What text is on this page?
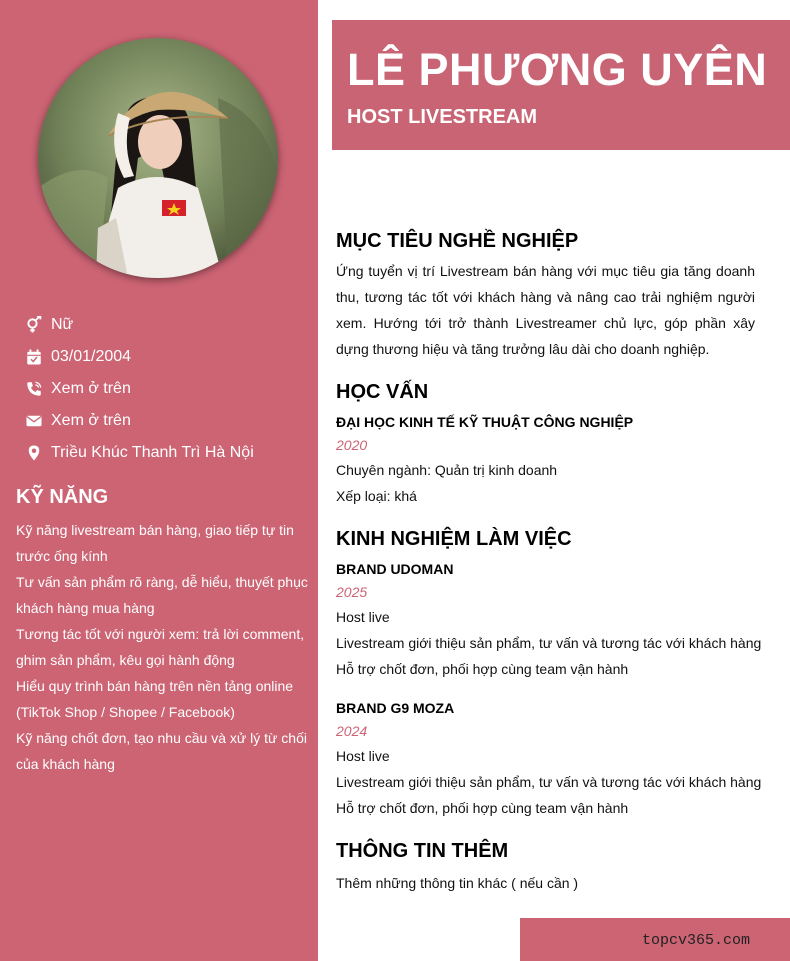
Nữ
03/01/2004
Xem ở trên
Xem ở trên
Triều Khúc Thanh Trì Hà Nội
KỸ NĂNG
Kỹ năng livestream bán hàng, giao tiếp tự tin trước ống kính
Tư vấn sản phẩm rõ ràng, dễ hiểu, thuyết phục khách hàng mua hàng
Tương tác tốt với người xem: trả lời comment, ghim sản phẩm, kêu gọi hành động
Hiểu quy trình bán hàng trên nền tảng online (TikTok Shop / Shopee / Facebook)
Kỹ năng chốt đơn, tạo nhu cầu và xử lý từ chối của khách hàng
LÊ PHƯƠNG UYÊN
HOST LIVESTREAM
MỤC TIÊU NGHỀ NGHIỆP

Ứng tuyển vị trí Livestream bán hàng với mục tiêu gia tăng doanh thu, tương tác tốt với khách hàng và nâng cao trải nghiệm người xem. Hướng tới trở thành Livestreamer chủ lực, góp phần xây dựng thương hiệu và tăng trưởng lâu dài cho doanh nghiệp.

HỌC VẤN
ĐẠI HỌC KINH TẾ KỸ THUẬT CÔNG NGHIỆP
2020
Chuyên ngành: Quản trị kinh doanh
Xếp loại: khá
KINH NGHIỆM LÀM VIỆC
BRAND UDOMAN
2025
Host live
Livestream giới thiệu sản phẩm, tư vấn và tương tác với khách hàng
Hỗ trợ chốt đơn, phối hợp cùng team vận hành
BRAND G9 MOZA
2024
Host live
Livestream giới thiệu sản phẩm, tư vấn và tương tác với khách hàng
Hỗ trợ chốt đơn, phối hợp cùng team vận hành
THÔNG TIN THÊM
Thêm những thông tin khác ( nếu cần )
topcv365.com
